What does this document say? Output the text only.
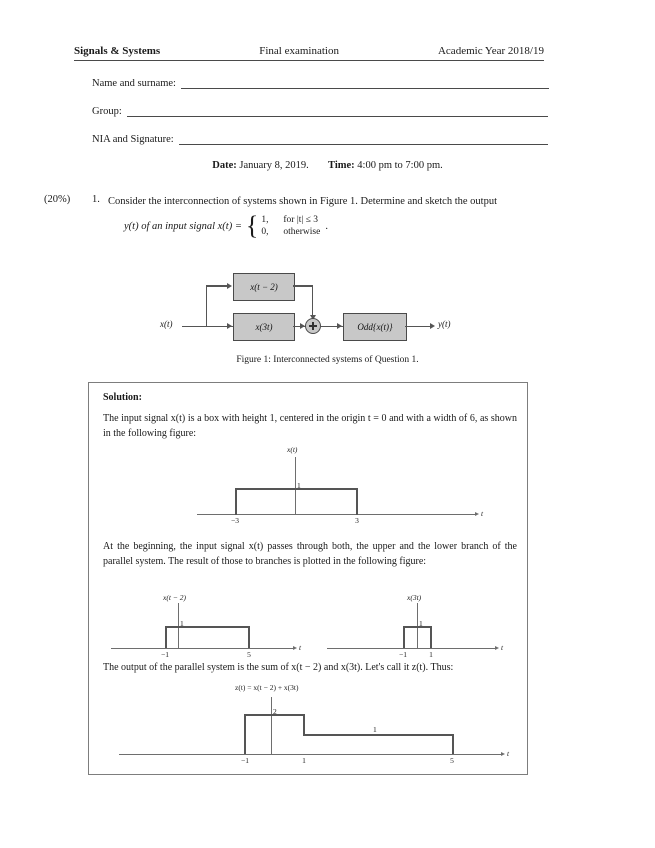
Signals & Systems	Final examination	Academic Year 2018/19
Name and surname:
Group:
NIA and Signature:
Date: January 8, 2019. Time: 4:00 pm to 7:00 pm.
(20%) 1. Consider the interconnection of systems shown in Figure 1. Determine and sketch the output
y(t) of an input signal x(t) = { 1,	for |t| ≤ 3
0,	otherwise
.
x(t)	y(t)
x(t − 2)
x(3t)	Odd{x(t)}
Figure 1: Interconnected systems of Question 1.
Solution:
The input signal x(t) is a box with height 1, centered in the origin t = 0 and with a width of 6, as shown in the following figure:
x(t)
t
−3	3
1
At the beginning, the input signal x(t) passes through both, the upper and the lower branch of the parallel system. The result of those to branches is plotted in the following figure:
x(t − 2)
t
−1	5
1
x(3t)
t
−1	1
1
The output of the parallel system is the sum of x(t − 2) and x(3t). Let's call it z(t). Thus:
z(t) = x(t − 2) + x(3t)
t
−1	1	5
2
1
